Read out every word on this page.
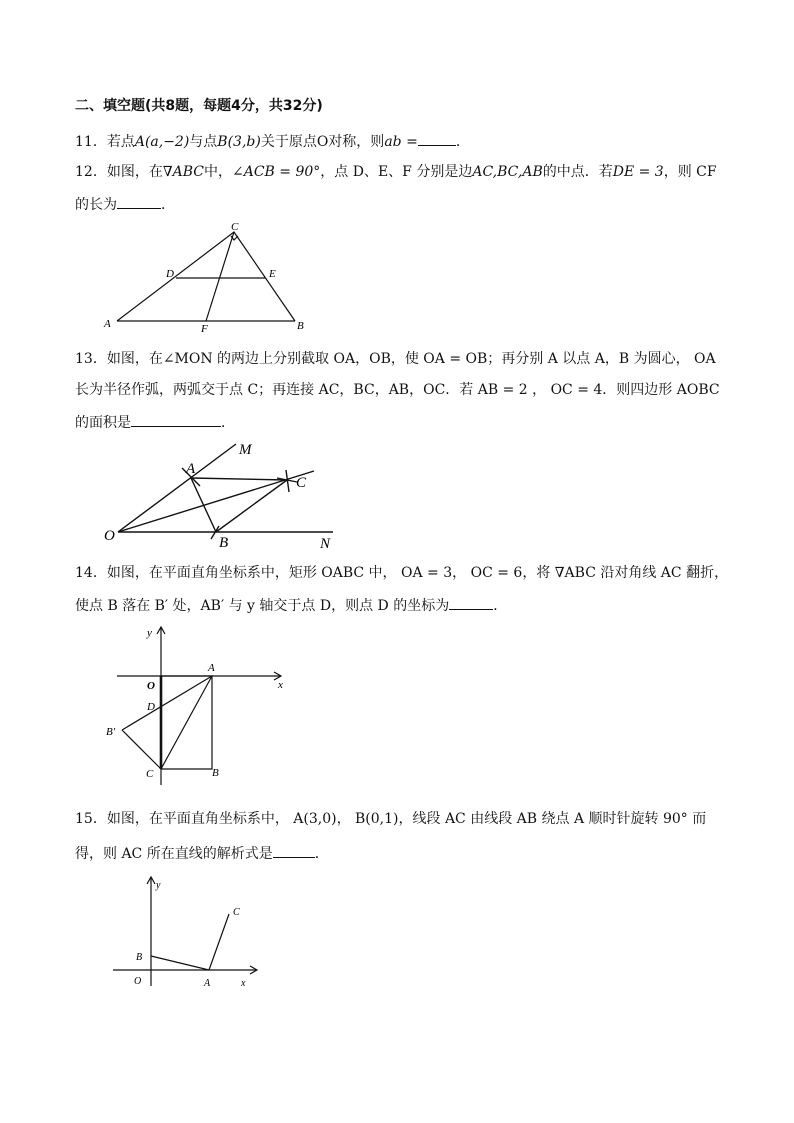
二、填空题(共8题，每题4分，共32分)
11．若点A(a,−2)与点B(3,b)关于原点O对称，则ab =	．
12．如图，在∇ABC中，∠ACB = 90°，点 D、E、F 分别是边AC,BC,AB的中点．若DE = 3，则 CF
的长为	．
C
D	E
A	F	B
13．如图，在∠MON 的两边上分别截取 OA，OB，使 OA = OB；再分别 A 以点 A，B 为圆心， OA
长为半径作弧，两弧交于点 C；再连接 AC，BC，AB，OC．若 AB = 2 ， OC = 4．则四边形 AOBC
的面积是	．
M
A
C
O	B	N
14．如图，在平面直角坐标系中，矩形 OABC 中， OA = 3， OC = 6，将 ∇ABC 沿对角线 AC 翻折，
使点 B 落在 B′ 处，AB′ 与 y 轴交于点 D，则点 D 的坐标为	．
y
x
O
A
D
B′
C	B
15．如图，在平面直角坐标系中， A(3,0)， B(0,1)，线段 AC 由线段 AB 绕点 A 顺时针旋转 90° 而
得，则 AC 所在直线的解析式是	．
y
x
O	A
B
C
